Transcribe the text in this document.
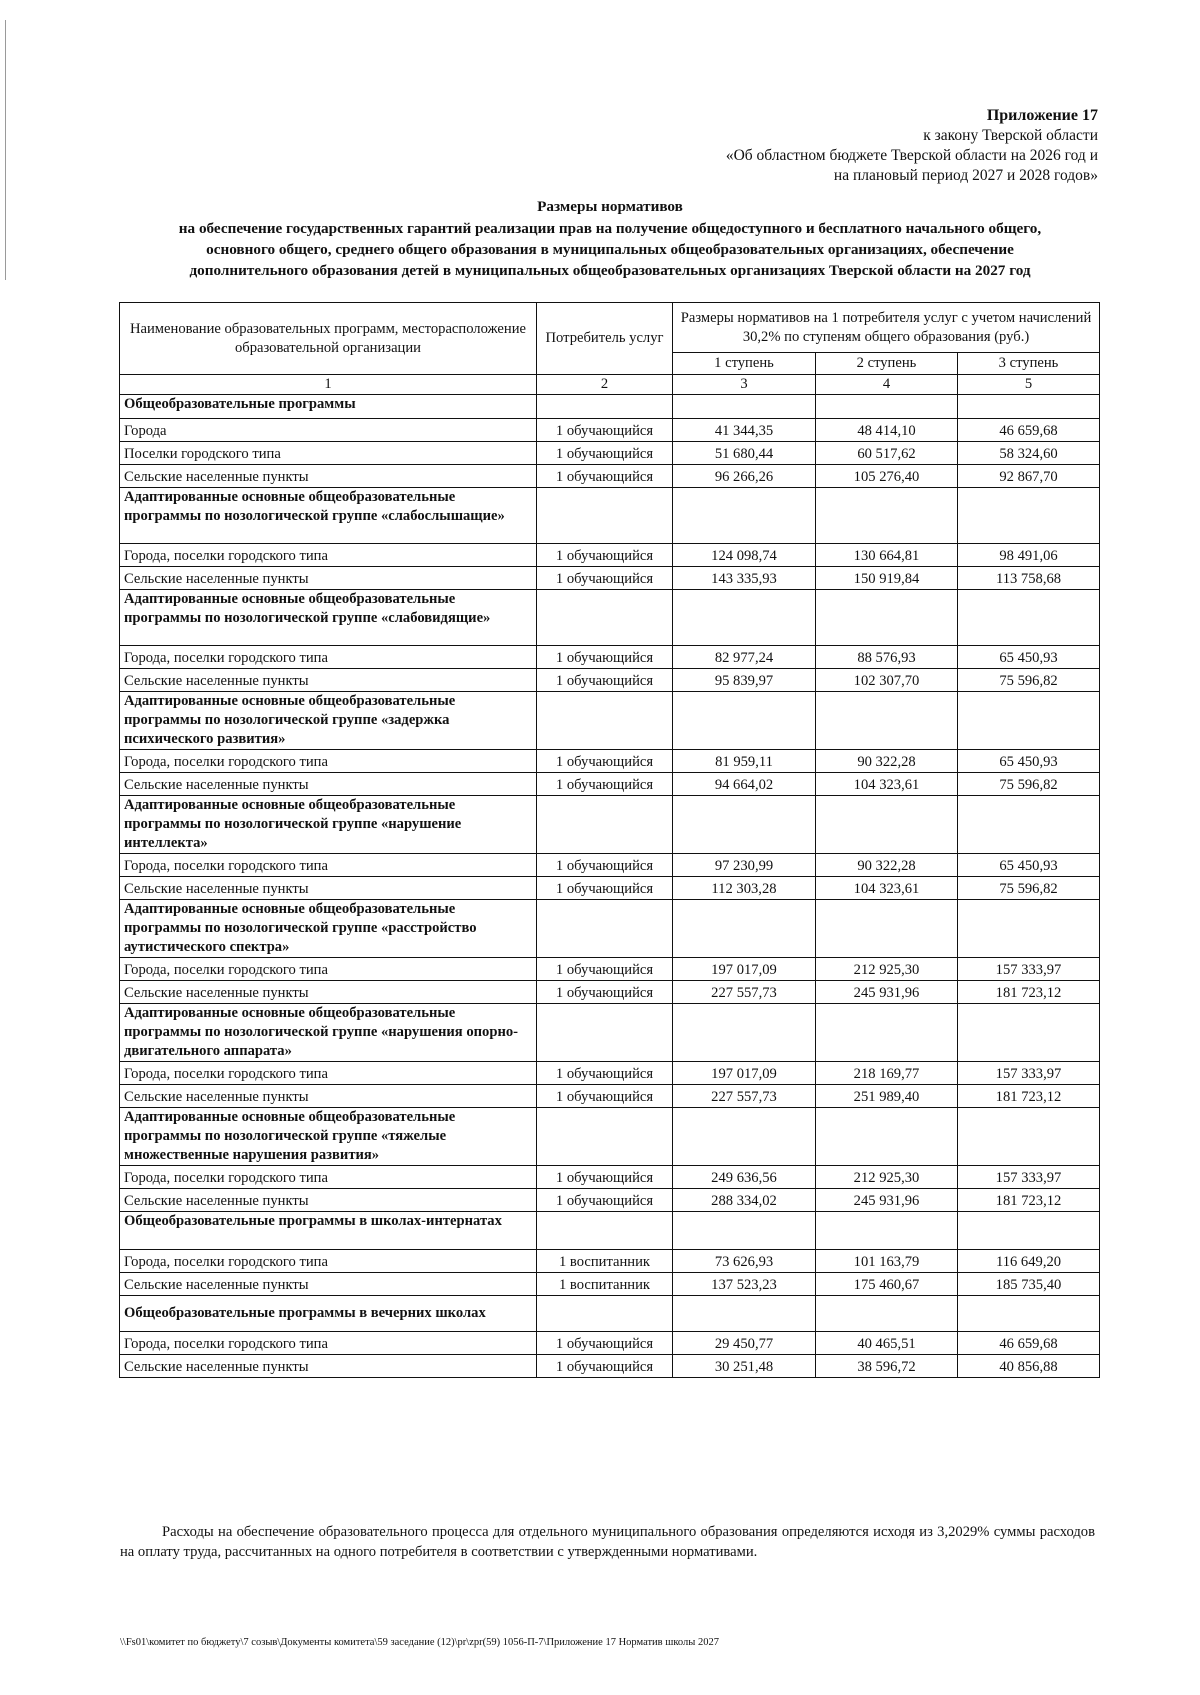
Приложение 17
к закону Тверской области
«Об областном бюджете Тверской области на 2026 год и
на плановый период 2027 и 2028 годов»
Размеры нормативов
на обеспечение государственных гарантий реализации прав на получение общедоступного и бесплатного начального общего,
основного общего, среднего общего образования в муниципальных общеобразовательных организациях, обеспечение
дополнительного образования детей в муниципальных общеобразовательных организациях Тверской области на 2027 год
Наименование образовательных программ, месторасположение образовательной организации	Потребитель услуг	Размеры нормативов на 1 потребителя услуг с учетом начислений 30,2% по ступеням общего образования (руб.)		
		1 ступень	2 ступень	3 ступень
1	2	3	4	5
Общеобразовательные программы				
Города	1 обучающийся	41 344,35	48 414,10	46 659,68
Поселки городского типа	1 обучающийся	51 680,44	60 517,62	58 324,60
Сельские населенные пункты	1 обучающийся	96 266,26	105 276,40	92 867,70
Адаптированные основные общеобразовательные программы по нозологической группе «слабослышащие»				
Города, поселки городского типа	1 обучающийся	124 098,74	130 664,81	98 491,06
Сельские населенные пункты	1 обучающийся	143 335,93	150 919,84	113 758,68
Адаптированные основные общеобразовательные программы по нозологической группе «слабовидящие»				
Города, поселки городского типа	1 обучающийся	82 977,24	88 576,93	65 450,93
Сельские населенные пункты	1 обучающийся	95 839,97	102 307,70	75 596,82
Адаптированные основные общеобразовательные программы по нозологической группе «задержка психического развития»				
Города, поселки городского типа	1 обучающийся	81 959,11	90 322,28	65 450,93
Сельские населенные пункты	1 обучающийся	94 664,02	104 323,61	75 596,82
Адаптированные основные общеобразовательные программы по нозологической группе «нарушение интеллекта»				
Города, поселки городского типа	1 обучающийся	97 230,99	90 322,28	65 450,93
Сельские населенные пункты	1 обучающийся	112 303,28	104 323,61	75 596,82
Адаптированные основные общеобразовательные программы по нозологической группе «расстройство аутистического спектра»				
Города, поселки городского типа	1 обучающийся	197 017,09	212 925,30	157 333,97
Сельские населенные пункты	1 обучающийся	227 557,73	245 931,96	181 723,12
Адаптированные основные общеобразовательные программы по нозологической группе «нарушения опорно-двигательного аппарата»				
Города, поселки городского типа	1 обучающийся	197 017,09	218 169,77	157 333,97
Сельские населенные пункты	1 обучающийся	227 557,73	251 989,40	181 723,12
Адаптированные основные общеобразовательные программы по нозологической группе «тяжелые множественные нарушения развития»				
Города, поселки городского типа	1 обучающийся	249 636,56	212 925,30	157 333,97
Сельские населенные пункты	1 обучающийся	288 334,02	245 931,96	181 723,12
Общеобразовательные программы в школах-интернатах				
Города, поселки городского типа	1 воспитанник	73 626,93	101 163,79	116 649,20
Сельские населенные пункты	1 воспитанник	137 523,23	175 460,67	185 735,40
Общеобразовательные программы в вечерних школах				
Города, поселки городского типа	1 обучающийся	29 450,77	40 465,51	46 659,68
Сельские населенные пункты	1 обучающийся	30 251,48	38 596,72	40 856,88
Расходы на обеспечение образовательного процесса для отдельного муниципального образования определяются исходя из 3,2029% суммы расходов на оплату труда, рассчитанных на одного потребителя в соответствии с утвержденными нормативами.
\\Fs01\комитет по бюджету\7 созыв\Документы комитета\59 заседание (12)\pr\zpr(59) 1056-П-7\Приложение 17 Норматив школы 2027
